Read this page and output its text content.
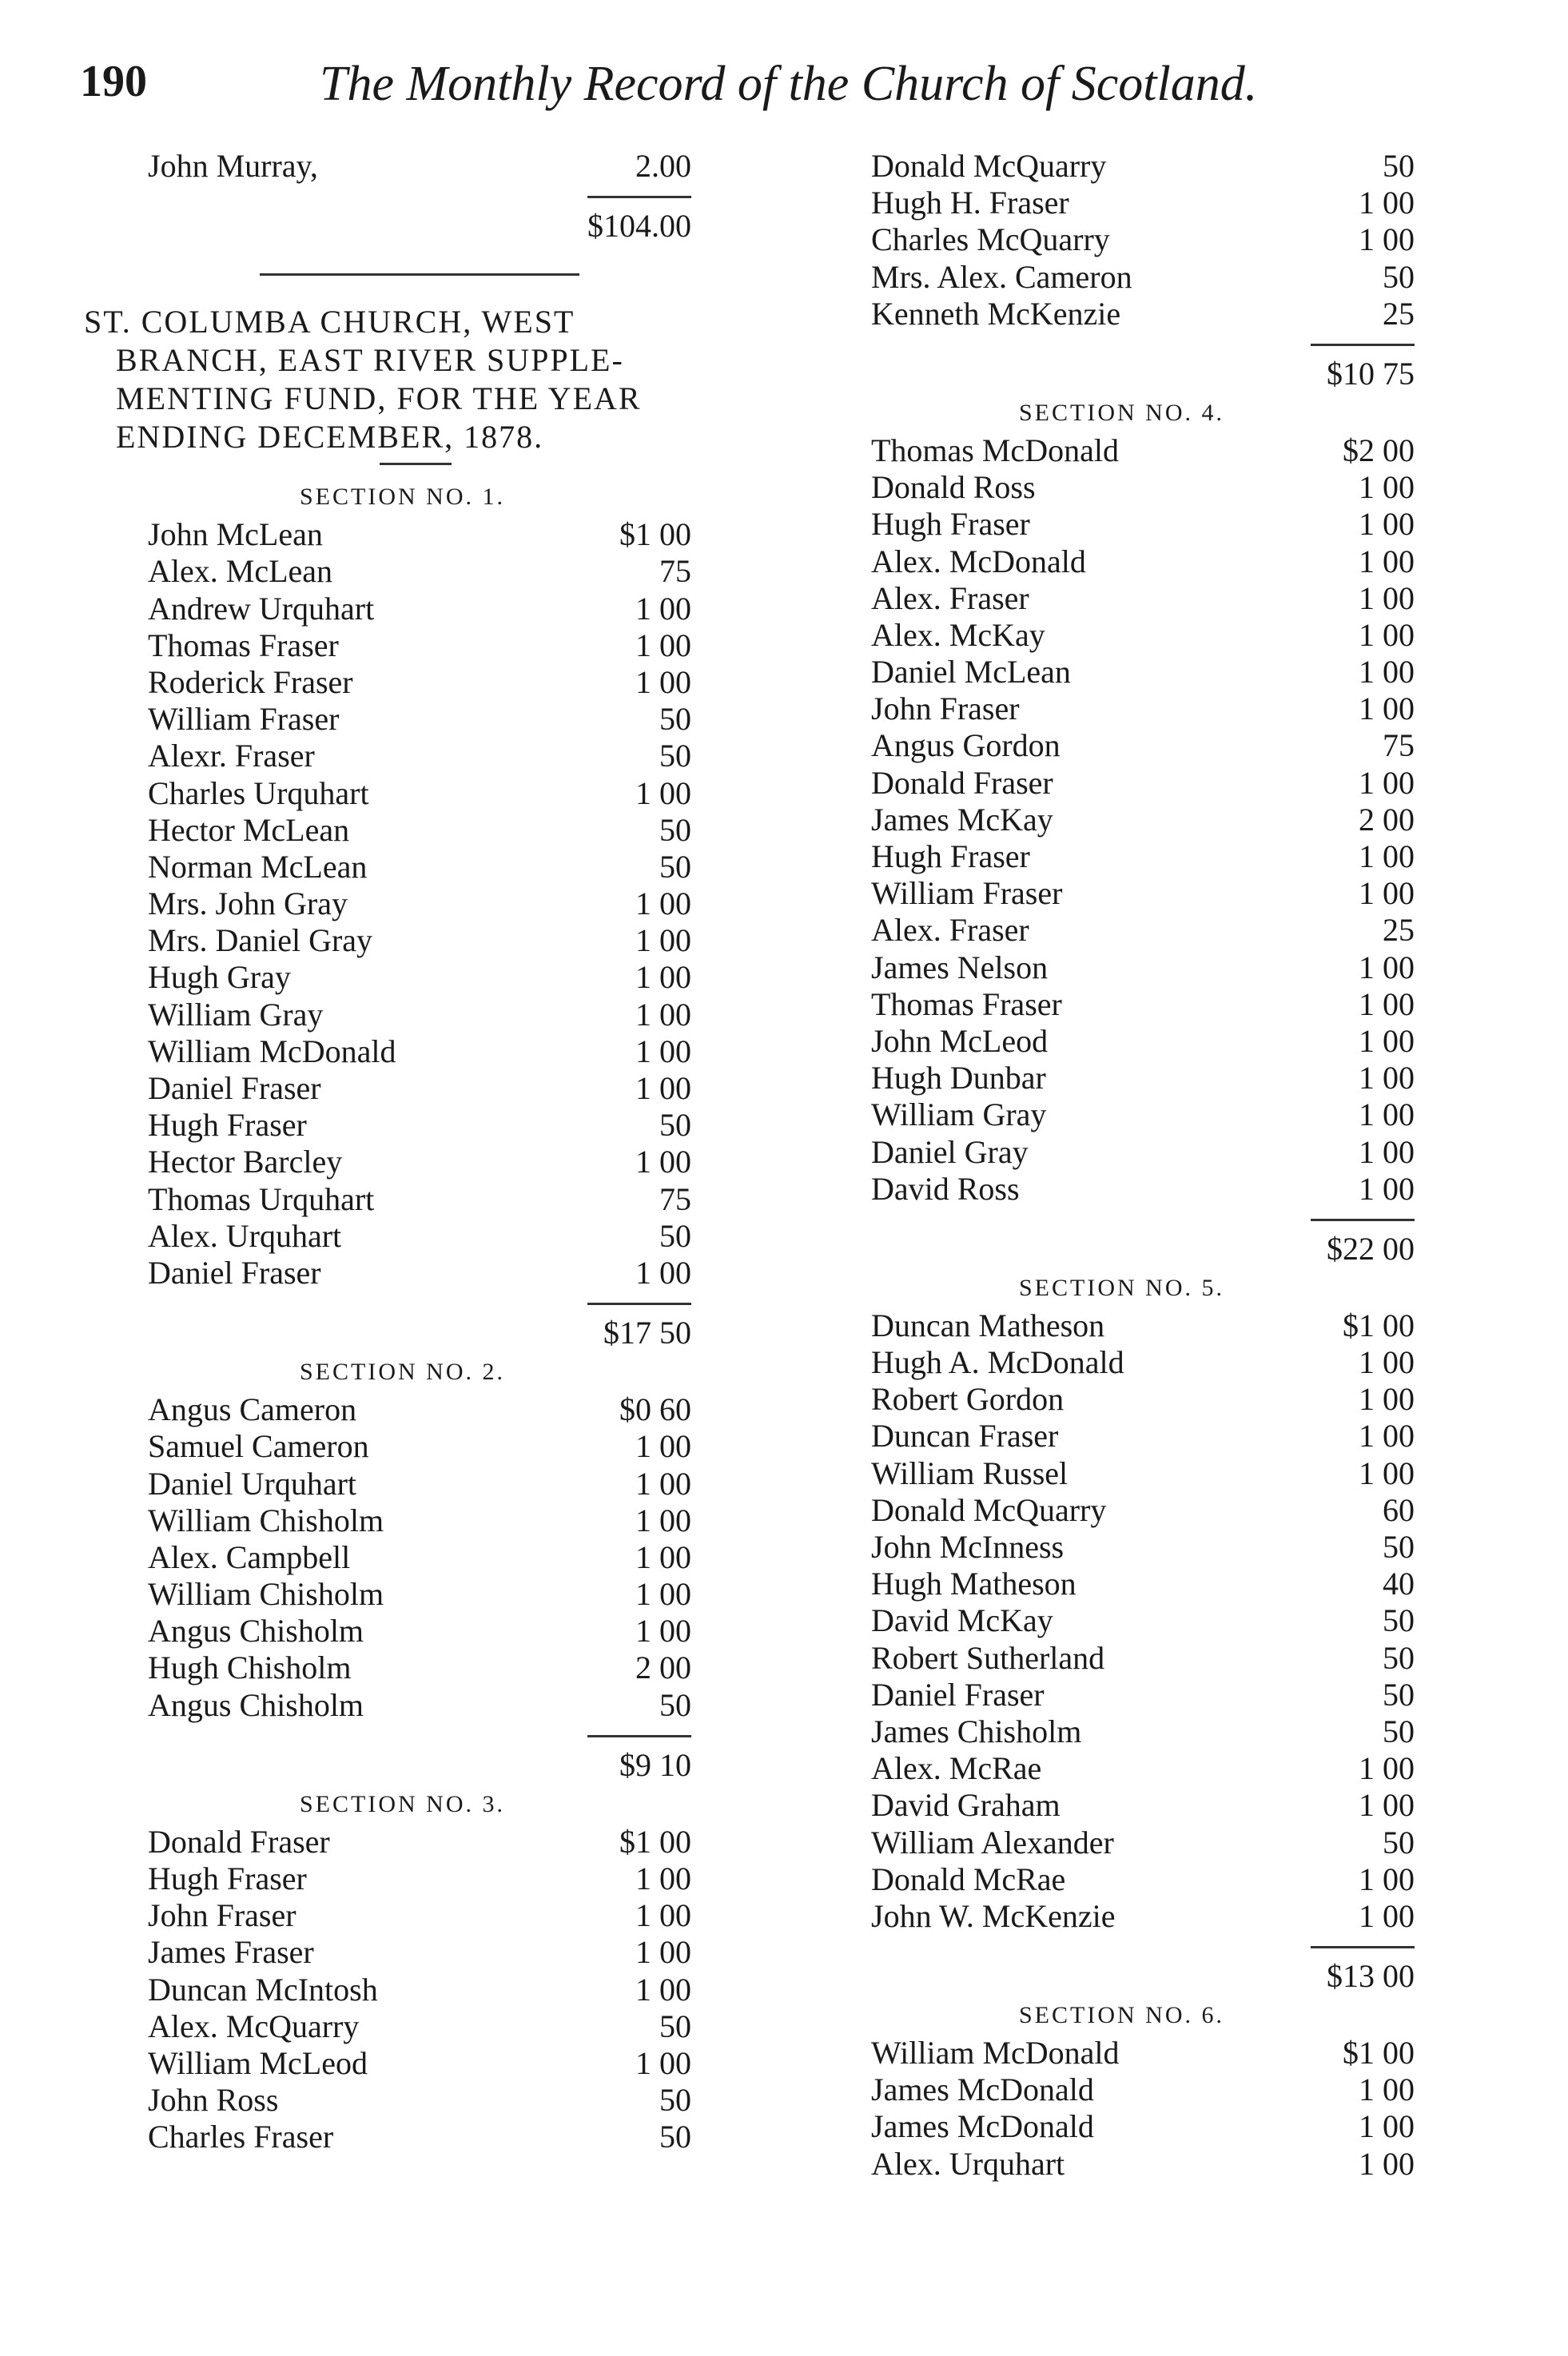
190	The Monthly Record of the Church of Scotland.
John Murray,	2.00
$104.00
ST. COLUMBA CHURCH, WEST
BRANCH, EAST RIVER SUPPLE-
MENTING FUND, FOR THE YEAR
ENDING DECEMBER, 1878.
SECTION NO. 1.
John McLean	$1 00
Alex. McLean	75
Andrew Urquhart	1 00
Thomas Fraser	1 00
Roderick Fraser	1 00
William Fraser	50
Alexr. Fraser	50
Charles Urquhart	1 00
Hector McLean	50
Norman McLean	50
Mrs. John Gray	1 00
Mrs. Daniel Gray	1 00
Hugh Gray	1 00
William Gray	1 00
William McDonald	1 00
Daniel Fraser	1 00
Hugh Fraser	50
Hector Barcley	1 00
Thomas Urquhart	75
Alex. Urquhart	50
Daniel Fraser	1 00
$17 50
SECTION NO. 2.
Angus Cameron	$0 60
Samuel Cameron	1 00
Daniel Urquhart	1 00
William Chisholm	1 00
Alex. Campbell	1 00
William Chisholm	1 00
Angus Chisholm	1 00
Hugh Chisholm	2 00
Angus Chisholm	50
$9 10
SECTION NO. 3.
Donald Fraser	$1 00
Hugh Fraser	1 00
John Fraser	1 00
James Fraser	1 00
Duncan McIntosh	1 00
Alex. McQuarry	50
William McLeod	1 00
John Ross	50
Charles Fraser	50
Donald McQuarry	50
Hugh H. Fraser	1 00
Charles McQuarry	1 00
Mrs. Alex. Cameron	50
Kenneth McKenzie	25
$10 75
SECTION NO. 4.
Thomas McDonald	$2 00
Donald Ross	1 00
Hugh Fraser	1 00
Alex. McDonald	1 00
Alex. Fraser	1 00
Alex. McKay	1 00
Daniel McLean	1 00
John Fraser	1 00
Angus Gordon	75
Donald Fraser	1 00
James McKay	2 00
Hugh Fraser	1 00
William Fraser	1 00
Alex. Fraser	25
James Nelson	1 00
Thomas Fraser	1 00
John McLeod	1 00
Hugh Dunbar	1 00
William Gray	1 00
Daniel Gray	1 00
David Ross	1 00
$22 00
SECTION NO. 5.
Duncan Matheson	$1 00
Hugh A. McDonald	1 00
Robert Gordon	1 00
Duncan Fraser	1 00
William Russel	1 00
Donald McQuarry	60
John McInness	50
Hugh Matheson	40
David McKay	50
Robert Sutherland	50
Daniel Fraser	50
James Chisholm	50
Alex. McRae	1 00
David Graham	1 00
William Alexander	50
Donald McRae	1 00
John W. McKenzie	1 00
$13 00
SECTION NO. 6.
William McDonald	$1 00
James McDonald	1 00
James McDonald	1 00
Alex. Urquhart	1 00
